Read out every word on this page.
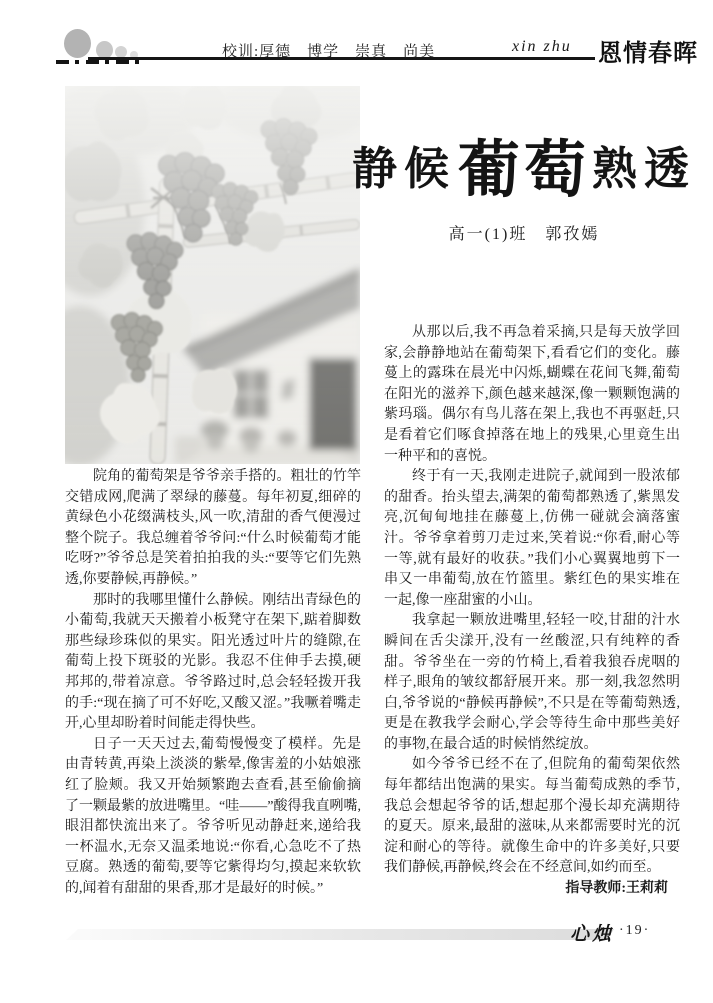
校训:厚德　博学　崇真　尚美	xin zhu 恩情春晖
静候 葡萄 熟透
高一(1)班　郭孜嫣

院角的葡萄架是爷爷亲手搭的。粗壮的竹竿交错成网,爬满了翠绿的藤蔓。每年初夏,细碎的黄绿色小花缀满枝头,风一吹,清甜的香气便漫过整个院子。我总缠着爷爷问:“什么时候葡萄才能吃呀?”爷爷总是笑着拍拍我的头:“要等它们先熟透,你要静候,再静候。”

那时的我哪里懂什么静候。刚结出青绿色的小葡萄,我就天天搬着小板凳守在架下,踮着脚数那些绿珍珠似的果实。阳光透过叶片的缝隙,在葡萄上投下斑驳的光影。我忍不住伸手去摸,硬邦邦的,带着凉意。爷爷路过时,总会轻轻拨开我的手:“现在摘了可不好吃,又酸又涩。”我噘着嘴走开,心里却盼着时间能走得快些。

日子一天天过去,葡萄慢慢变了模样。先是由青转黄,再染上淡淡的紫晕,像害羞的小姑娘涨红了脸颊。我又开始频繁跑去查看,甚至偷偷摘了一颗最紫的放进嘴里。“哇——”酸得我直咧嘴,眼泪都快流出来了。爷爷听见动静赶来,递给我一杯温水,无奈又温柔地说:“你看,心急吃不了热豆腐。熟透的葡萄,要等它紫得均匀,摸起来软软的,闻着有甜甜的果香,那才是最好的时候。”

从那以后,我不再急着采摘,只是每天放学回家,会静静地站在葡萄架下,看看它们的变化。藤蔓上的露珠在晨光中闪烁,蝴蝶在花间飞舞,葡萄在阳光的滋养下,颜色越来越深,像一颗颗饱满的紫玛瑙。偶尔有鸟儿落在架上,我也不再驱赶,只是看着它们啄食掉落在地上的残果,心里竟生出一种平和的喜悦。

终于有一天,我刚走进院子,就闻到一股浓郁的甜香。抬头望去,满架的葡萄都熟透了,紫黑发亮,沉甸甸地挂在藤蔓上,仿佛一碰就会滴落蜜汁。爷爷拿着剪刀走过来,笑着说:“你看,耐心等一等,就有最好的收获。”我们小心翼翼地剪下一串又一串葡萄,放在竹篮里。紫红色的果实堆在一起,像一座甜蜜的小山。

我拿起一颗放进嘴里,轻轻一咬,甘甜的汁水瞬间在舌尖漾开,没有一丝酸涩,只有纯粹的香甜。爷爷坐在一旁的竹椅上,看着我狼吞虎咽的样子,眼角的皱纹都舒展开来。那一刻,我忽然明白,爷爷说的“静候再静候”,不只是在等葡萄熟透,更是在教我学会耐心,学会等待生命中那些美好的事物,在最合适的时候悄然绽放。

如今爷爷已经不在了,但院角的葡萄架依然每年都结出饱满的果实。每当葡萄成熟的季节,我总会想起爷爷的话,想起那个漫长却充满期待的夏天。原来,最甜的滋味,从来都需要时光的沉淀和耐心的等待。就像生命中的许多美好,只要我们静候,再静候,终会在不经意间,如约而至。

指导教师:王莉莉

心烛 ·19·
